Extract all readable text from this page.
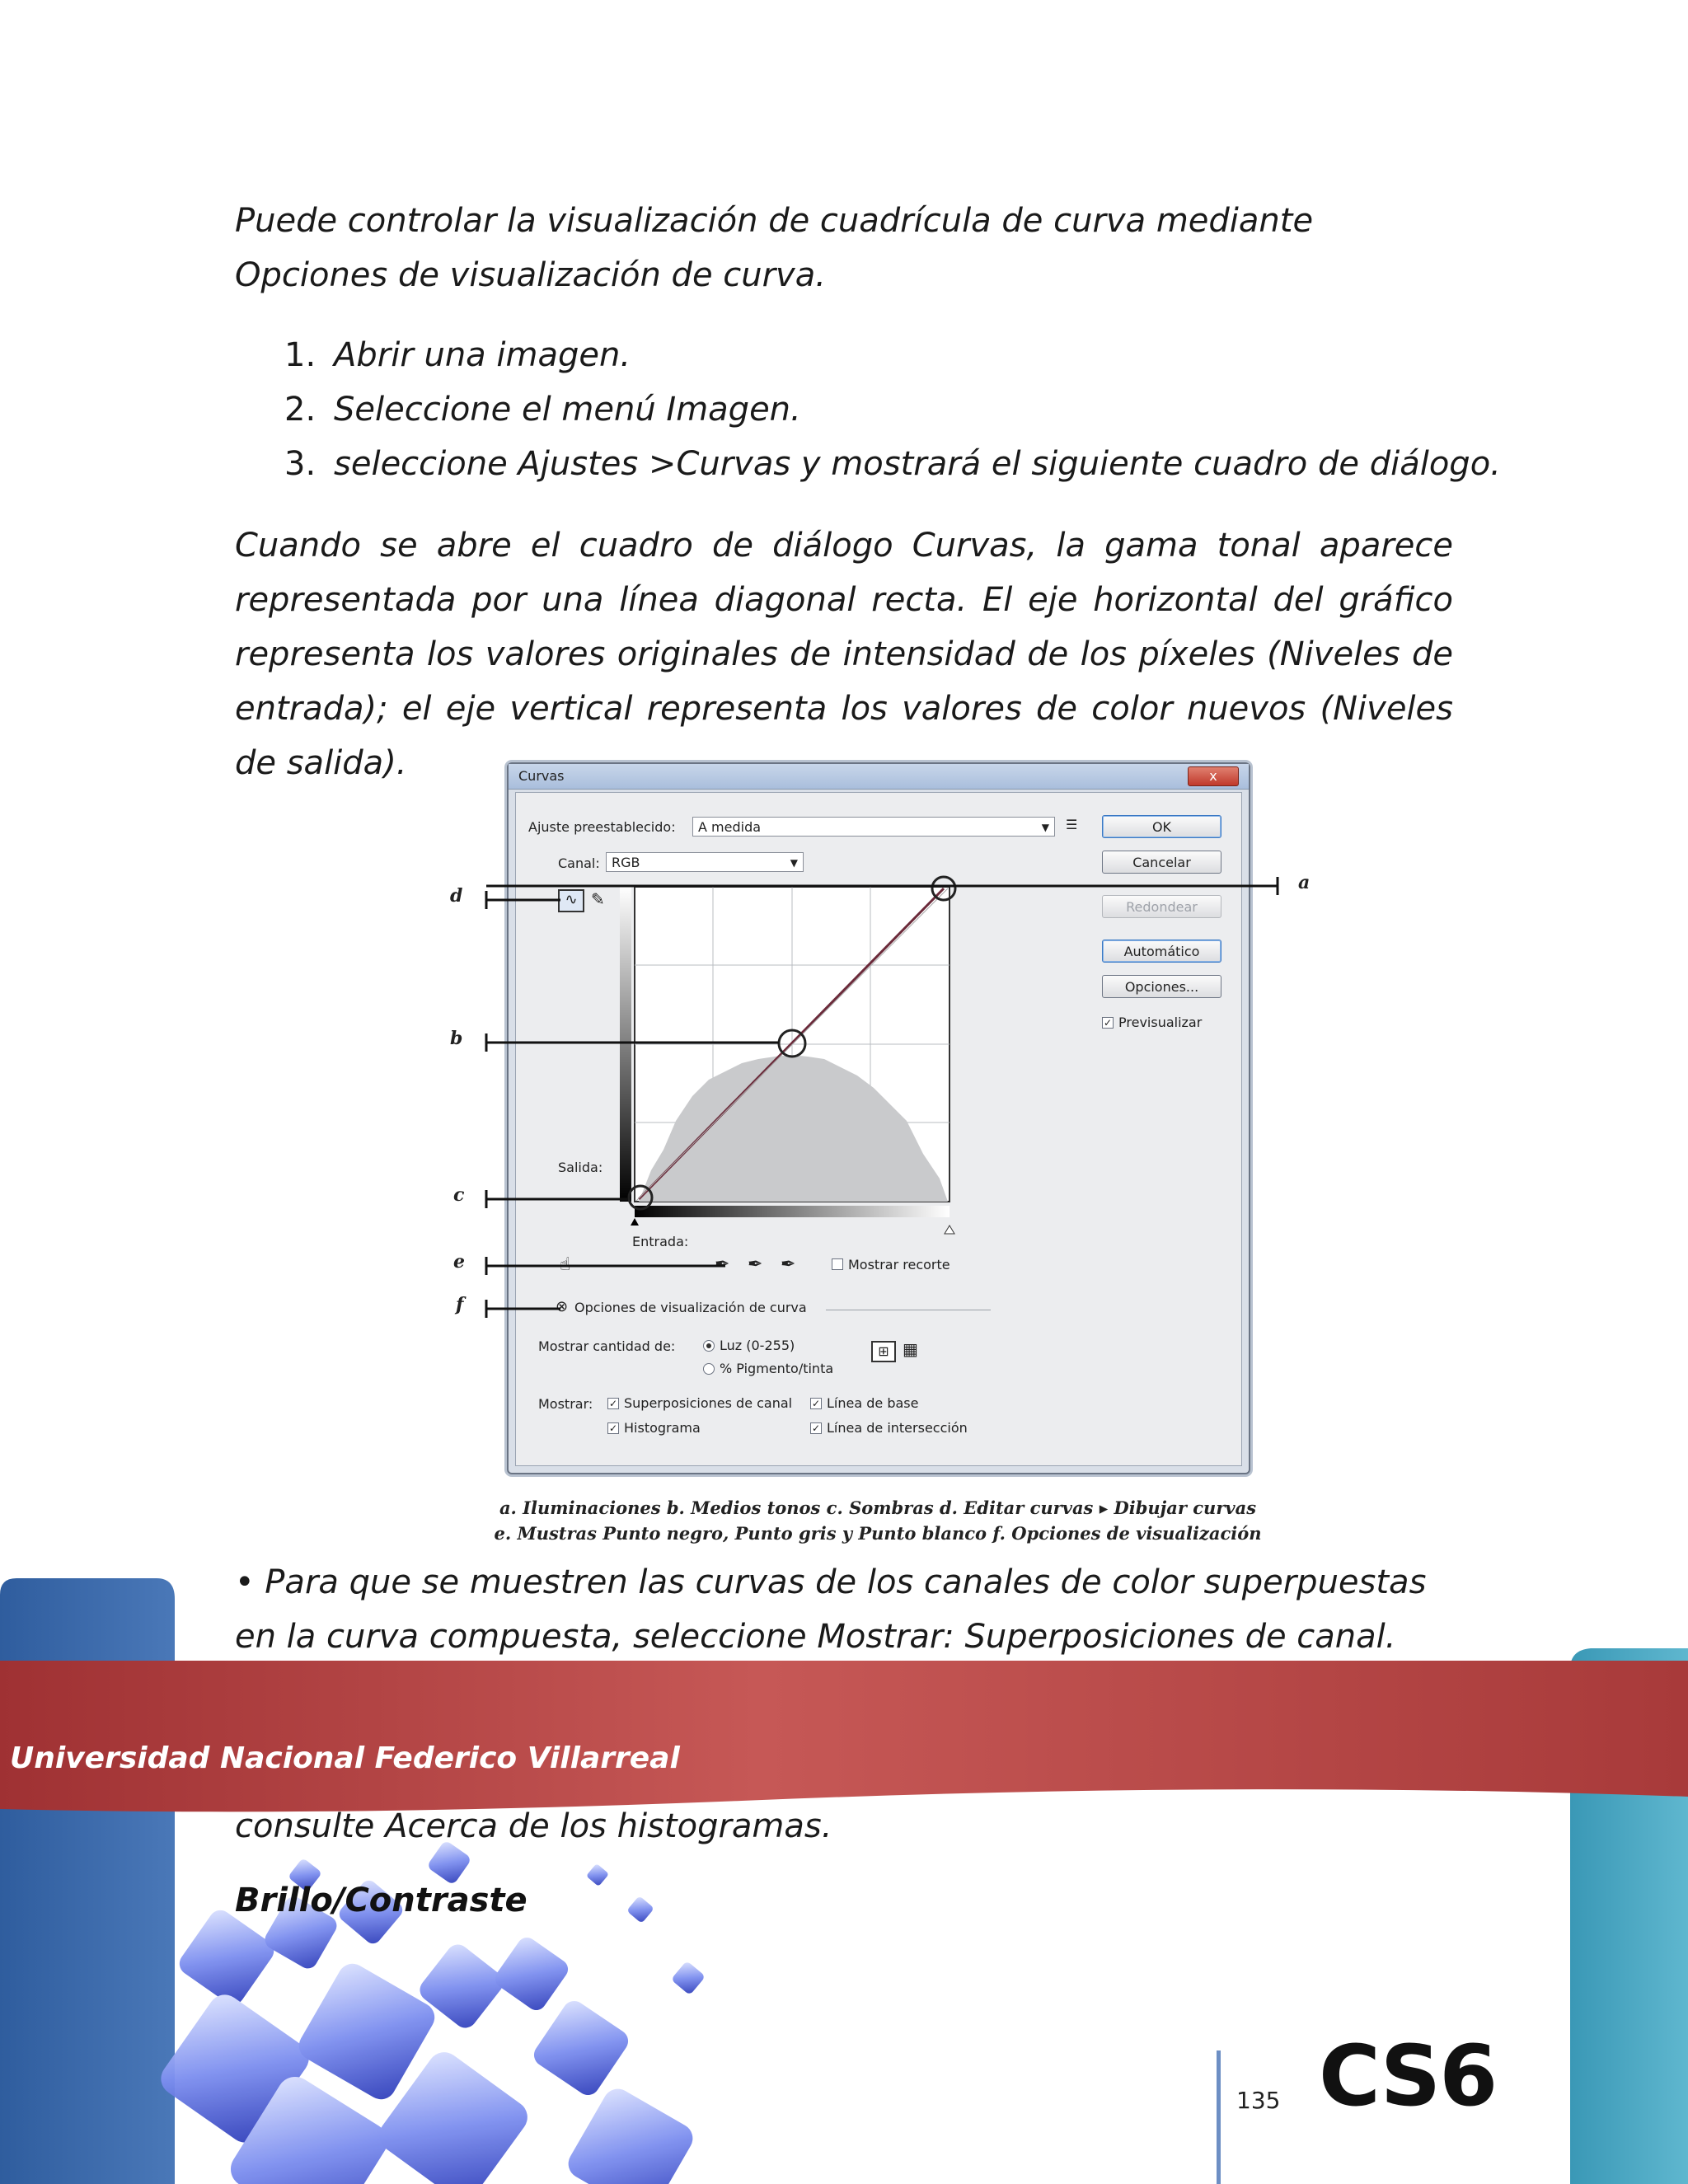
Puede controlar la visualización de cuadrícula de curva mediante Opciones de visualización de curva.

1. Abrir una imagen.
2. Seleccione el menú Imagen.
3. seleccione Ajustes >Curvas y mostrará el siguiente cuadro de diálogo.

Cuando se abre el cuadro de diálogo Curvas, la gama tonal aparece representada por una línea diagonal recta. El eje horizontal del gráfico representa los valores originales de intensidad de los píxeles (Niveles de entrada); el eje vertical representa los valores de color nuevos (Niveles de salida).	Curvas	x
Ajuste preestablecido:	A medida	▼ ☰
Canal: RGB	▼
OK
Cancelar
Redondear
Automático
Opciones...
✓ Previsualizar
∿ ✎
Salida:
Entrada:
☝	✒ ✒ ✒	Mostrar recorte
⊗ Opciones de visualización de curva
Mostrar cantidad de:	Luz (0-255)
% Pigmento/tinta
⊞ ▦
Mostrar: ✓ Superposiciones de canal ✓ Línea de base
✓ Histograma	✓ Línea de intersección
a
b
c
d
e
f
a. Iluminaciones b. Medios tonos c. Sombras d. Editar curvas ▸ Dibujar curvas
e. Mustras Punto negro, Punto gris y Punto blanco f. Opciones de visualización

• Para que se muestren las curvas de los canales de color superpuestas en la curva compuesta, seleccione Mostrar: Superposiciones de canal.

consulte Acerca de los histogramas.

Universidad Nacional Federico Villarreal
Brillo/Contraste
135 CS6
